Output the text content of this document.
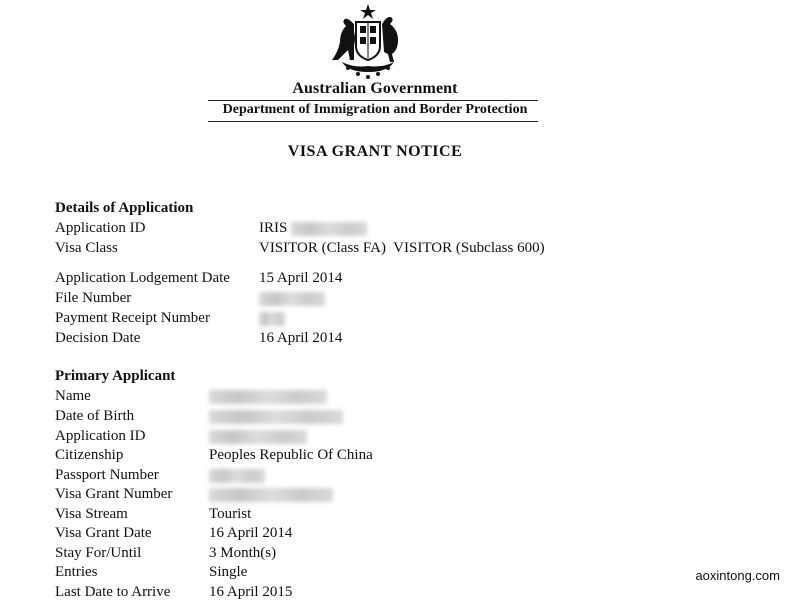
Australian Government
Department of Immigration and Border Protection
VISA GRANT NOTICE
Details of Application
Application ID	IRIS
Visa Class	VISITOR (Class FA)  VISITOR (Subclass 600)
Application Lodgement Date 15 April 2014
File Number
Payment Receipt Number
Decision Date	16 April 2014
Primary Applicant
Name
Date of Birth
Application ID
Citizenship	Peoples Republic Of China
Passport Number
Visa Grant Number
Visa Stream	Tourist
Visa Grant Date	16 April 2014
Stay For/Until	3 Month(s)
Entries	Single
Last Date to Arrive	16 April 2015
aoxintong.com
